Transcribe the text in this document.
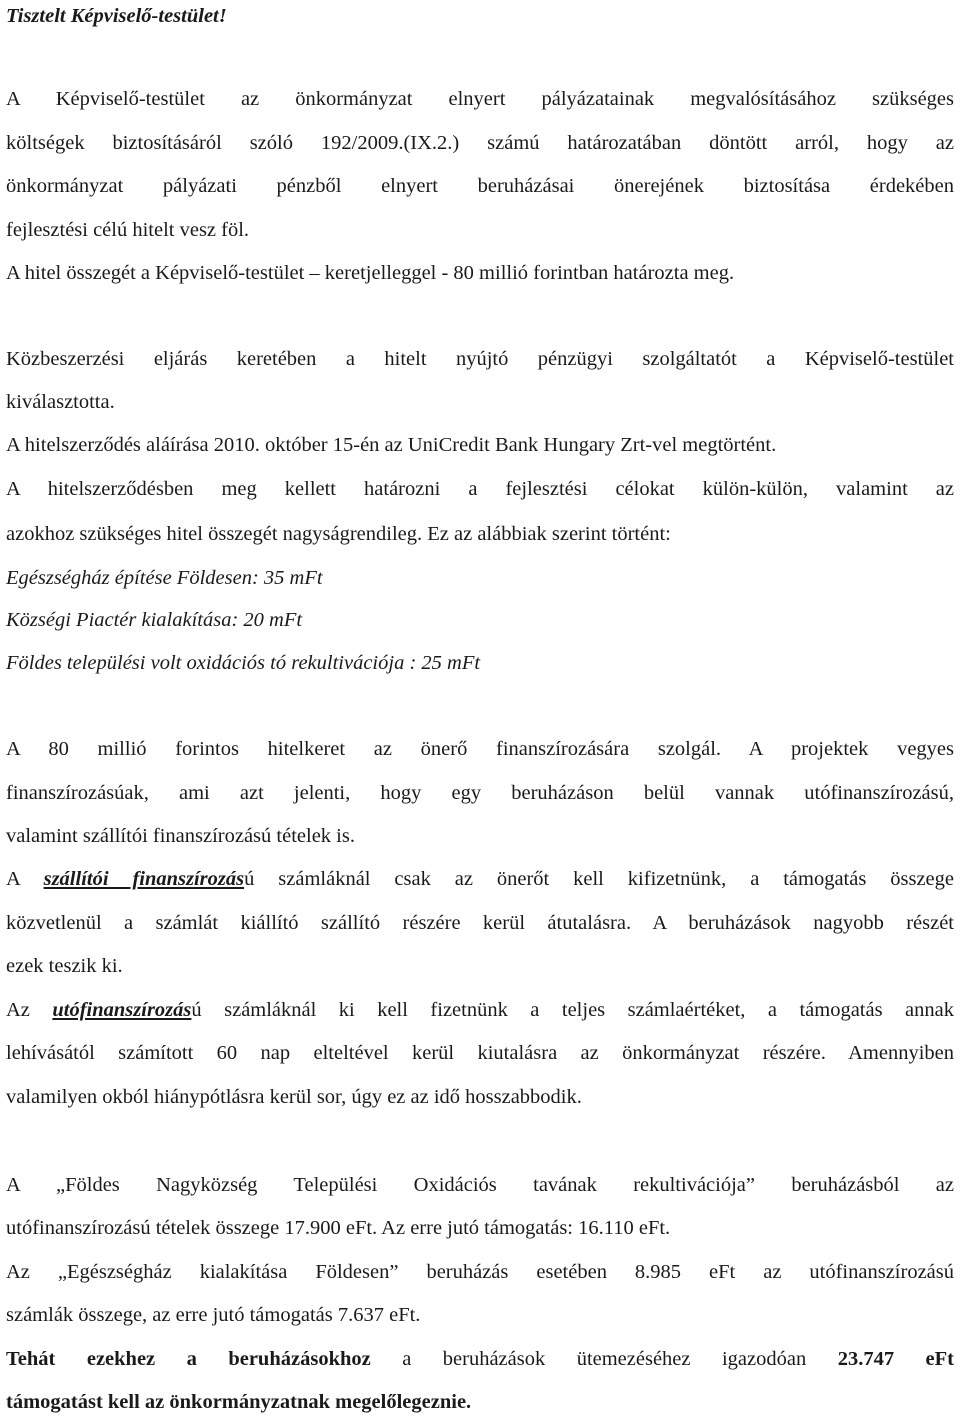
Tisztelt Képviselő-testület!
A Képviselő-testület az önkormányzat elnyert pályázatainak megvalósításához szükséges
költségek biztosításáról szóló 192/2009.(IX.2.) számú határozatában döntött arról, hogy az
önkormányzat pályázati pénzből elnyert beruházásai önerejének biztosítása érdekében
fejlesztési célú hitelt vesz föl.
A hitel összegét a Képviselő-testület – keretjelleggel - 80 millió forintban határozta meg.
Közbeszerzési eljárás keretében a hitelt nyújtó pénzügyi szolgáltatót a Képviselő-testület
kiválasztotta.
A hitelszerződés aláírása 2010. október 15-én az UniCredit Bank Hungary Zrt-vel megtörtént.
A hitelszerződésben meg kellett határozni a fejlesztési célokat külön-külön, valamint az
azokhoz szükséges hitel összegét nagyságrendileg. Ez az alábbiak szerint történt:
Egészségház építése Földesen: 35 mFt
Községi Piactér kialakítása: 20 mFt
Földes települési volt oxidációs tó rekultivációja : 25 mFt
A 80 millió forintos hitelkeret az önerő finanszírozására szolgál. A projektek vegyes
finanszírozásúak, ami azt jelenti, hogy egy beruházáson belül vannak utófinanszírozású,
valamint szállítói finanszírozású tételek is.
A szállítói finanszírozású számláknál csak az önerőt kell kifizetnünk, a támogatás összege
közvetlenül a számlát kiállító szállító részére kerül átutalásra. A beruházások nagyobb részét
ezek teszik ki.
Az utófinanszírozású számláknál ki kell fizetnünk a teljes számlaértéket, a támogatás annak
lehívásától számított 60 nap elteltével kerül kiutalásra az önkormányzat részére. Amennyiben
valamilyen okból hiánypótlásra kerül sor, úgy ez az idő hosszabbodik.
A „Földes Nagyközség Települési Oxidációs tavának rekultivációja” beruházásból az
utófinanszírozású tételek összege 17.900 eFt. Az erre jutó támogatás: 16.110 eFt.
Az „Egészségház kialakítása Földesen” beruházás esetében 8.985 eFt az utófinanszírozású
számlák összege, az erre jutó támogatás 7.637 eFt.
Tehát ezekhez a beruházásokhoz a beruházások ütemezéséhez igazodóan 23.747 eFt
támogatást kell az önkormányzatnak megelőlegeznie.
